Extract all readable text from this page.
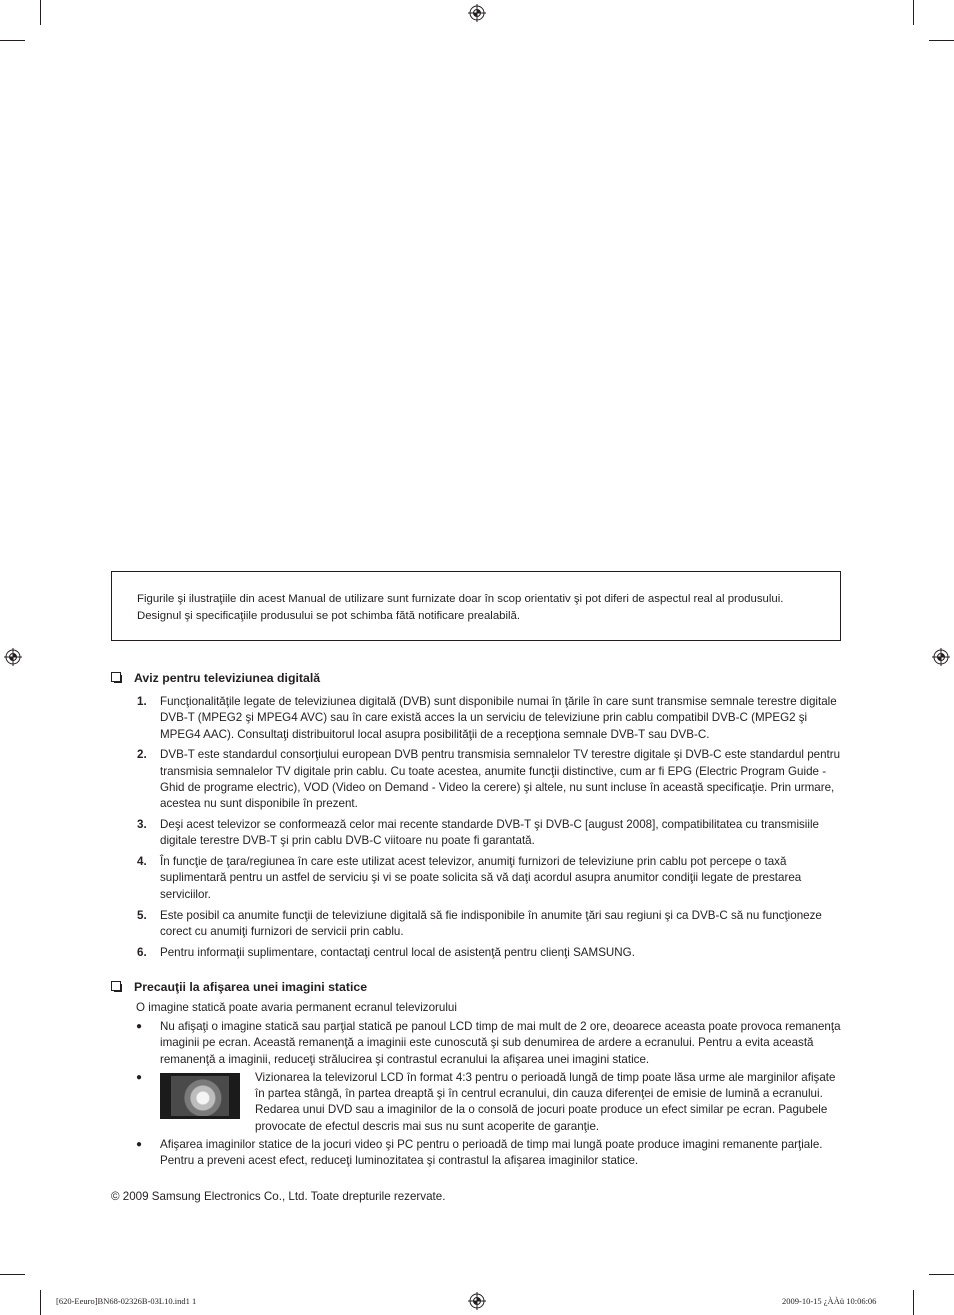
Figurile şi ilustraţiile din acest Manual de utilizare sunt furnizate doar în scop orientativ şi pot diferi de aspectul real al produsului.
Designul şi specificaţiile produsului se pot schimba fătă notificare prealabilă.
Aviz pentru televiziunea digitală
1. Funcţionalităţile legate de televiziunea digitală (DVB) sunt disponibile numai în ţările în care sunt transmise semnale terestre digitale DVB-T (MPEG2 şi MPEG4 AVC) sau în care există acces la un serviciu de televiziune prin cablu compatibil DVB-C (MPEG2 şi MPEG4 AAC). Consultaţi distribuitorul local asupra posibilităţii de a recepţiona semnale DVB-T sau DVB-C.
2. DVB-T este standardul consorţiului european DVB pentru transmisia semnalelor TV terestre digitale şi DVB-C este standardul pentru transmisia semnalelor TV digitale prin cablu. Cu toate acestea, anumite funcţii distinctive, cum ar fi EPG (Electric Program Guide - Ghid de programe electric), VOD (Video on Demand - Video la cerere) şi altele, nu sunt incluse în această specificaţie. Prin urmare, acestea nu sunt disponibile în prezent.
3. Deşi acest televizor se conformează celor mai recente standarde DVB-T şi DVB-C [august 2008], compatibilitatea cu transmisiile digitale terestre DVB-T şi prin cablu DVB-C viitoare nu poate fi garantată.
4. În funcţie de ţara/regiunea în care este utilizat acest televizor, anumiţi furnizori de televiziune prin cablu pot percepe o taxă suplimentară pentru un astfel de serviciu şi vi se poate solicita să vă daţi acordul asupra anumitor condiţii legate de prestarea serviciilor.
5. Este posibil ca anumite funcţii de televiziune digitală să fie indisponibile în anumite ţări sau regiuni şi ca DVB-C să nu funcţioneze corect cu anumiţi furnizori de servicii prin cablu.
6. Pentru informaţii suplimentare, contactaţi centrul local de asistenţă pentru clienţi SAMSUNG.
Precauţii la afişarea unei imagini statice
O imagine statică poate avaria permanent ecranul televizorului
● Nu afişaţi o imagine statică sau parţial statică pe panoul LCD timp de mai mult de 2 ore, deoarece aceasta poate provoca remanenţa imaginii pe ecran. Această remanenţă a imaginii este cunoscută şi sub denumirea de ardere a ecranului. Pentru a evita această remanenţă a imaginii, reduceţi strălucirea şi contrastul ecranului la afişarea unei imagini statice.
●	Vizionarea la televizorul LCD în format 4:3 pentru o perioadă lungă de timp poate lăsa urme ale marginilor afişate în partea stângă, în partea dreaptă şi în centrul ecranului, din cauza diferenţei de emisie de lumină a ecranului. Redarea unui DVD sau a imaginilor de la o consolă de jocuri poate produce un efect similar pe ecran. Pagubele provocate de efectul descris mai sus nu sunt acoperite de garanţie.
● Afişarea imaginilor statice de la jocuri video şi PC pentru o perioadă de timp mai lungă poate produce imagini remanente parţiale. Pentru a preveni acest efect, reduceţi luminozitatea şi contrastul la afişarea imaginilor statice.
© 2009 Samsung Electronics Co., Ltd. Toate drepturile rezervate.
[620-Eeuro]BN68-02326B-03L10.ind1 1	2009-10-15 ¿ÀÀü 10:06:06
